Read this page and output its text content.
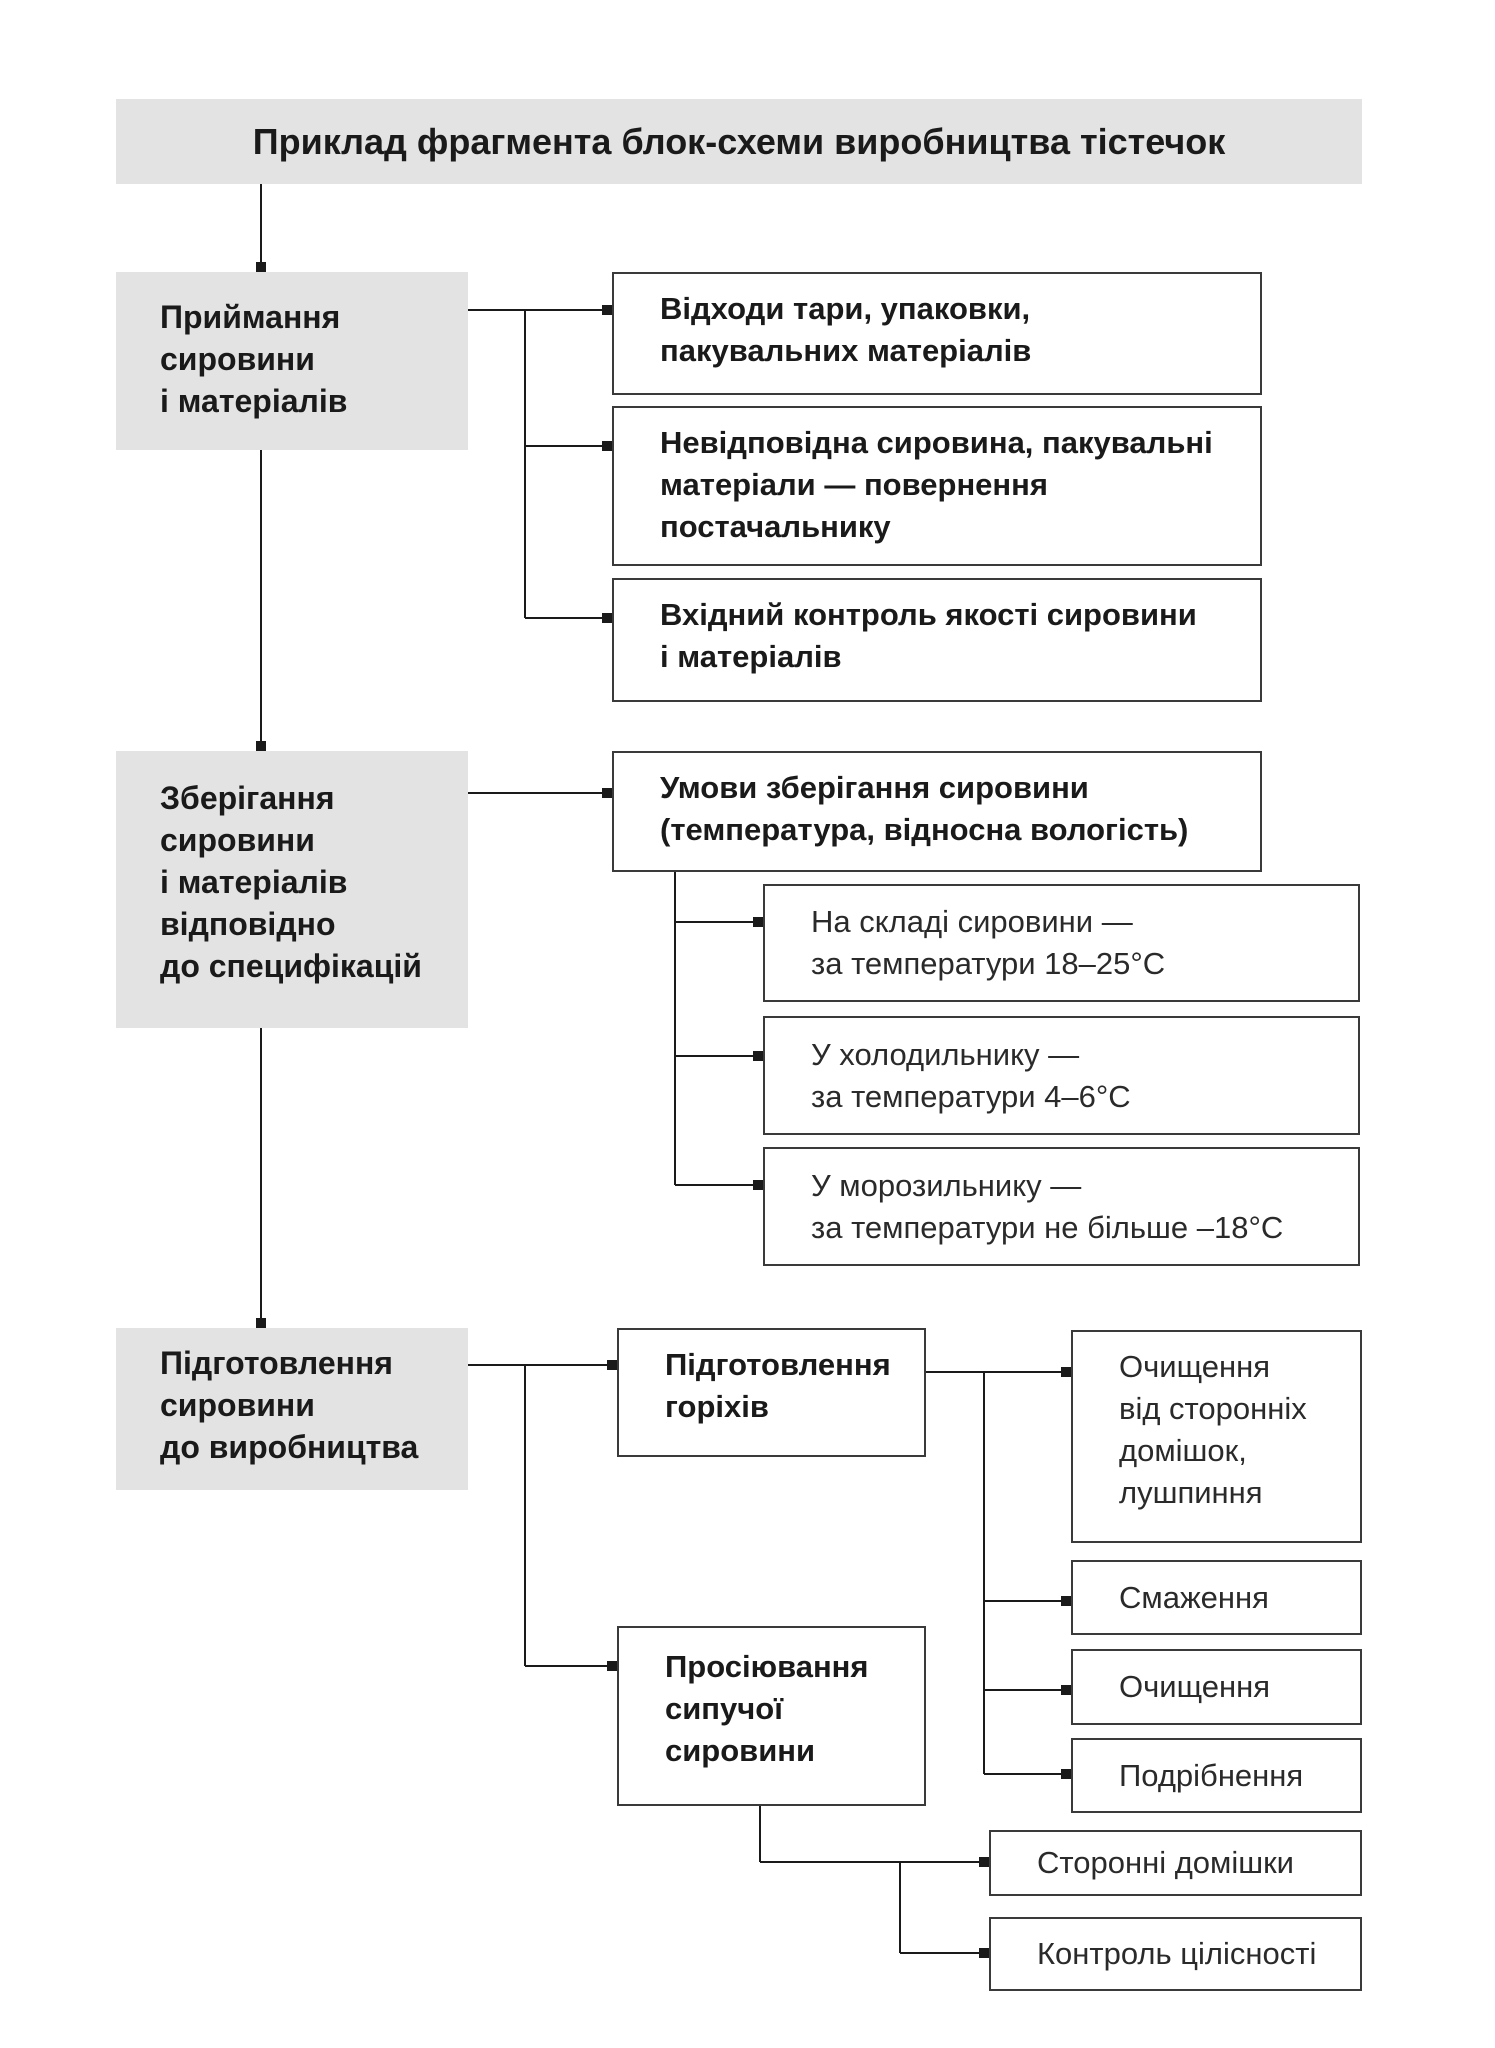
Приклад фрагмента блок-схеми виробництва тістечок
Приймання
сировини
і матеріалів
Відходи тари, упаковки,
пакувальних матеріалів
Невідповідна сировина, пакувальні
матеріали — повернення
постачальнику
Вхідний контроль якості сировини
і матеріалів
Зберігання
сировини
і матеріалів
відповідно
до специфікацій
Умови зберігання сировини
(температура, відносна вологість)
На складі сировини —
за температури 18–25°С
У холодильнику —
за температури 4–6°С
У морозильнику —
за температури не більше –18°С
Підготовлення
сировини
до виробництва
Підготовлення
горіхів
Очищення
від сторонніх
домішок,
лушпиння
Смаження
Очищення
Подрібнення
Просіювання
сипучої
сировини
Сторонні домішки
Контроль цілісності
